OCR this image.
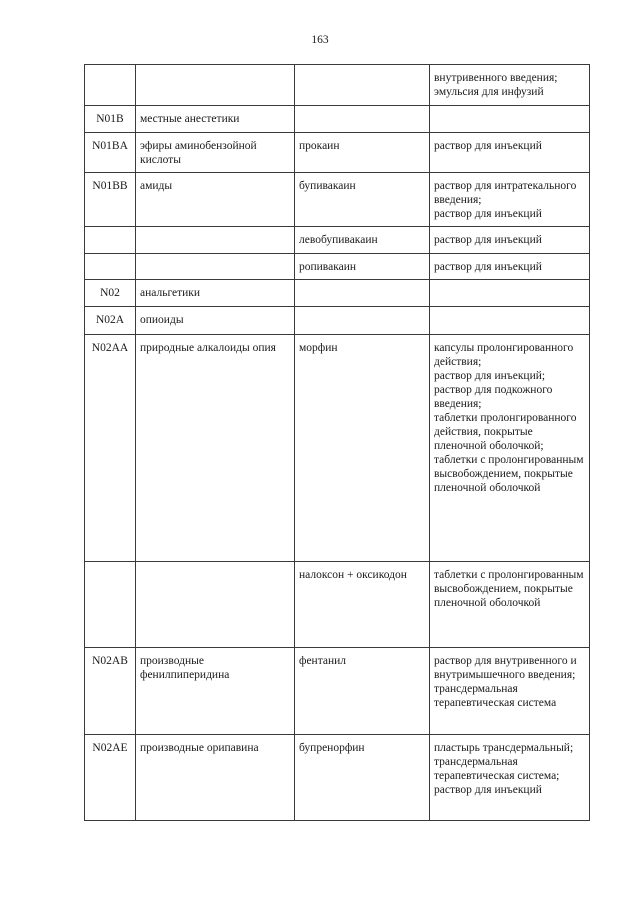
163

			внутривенного введения;
эмульсия для инфузий

N01B	местные анестетики		
N01BA	эфиры аминобензойной кислоты	прокаин	раствор для инъекций

N01BB	амиды	бупивакаин	раствор для интратекального введения;
раствор для инъекций

		левобупивакаин	раствор для инъекций

		ропивакаин	раствор для инъекций

N02	анальгетики		
N02A	опиоиды		
N02AA	природные алкалоиды опия	морфин	капсулы пролонгированного действия;
раствор для инъекций;
раствор для подкожного введения;
таблетки пролонгированного действия, покрытые пленочной оболочкой;
таблетки с пролонгированным высвобождением, покрытые пленочной оболочкой

		налоксон + оксикодон	таблетки с пролонгированным высвобождением, покрытые пленочной оболочкой

N02AB	производные фенилпиперидина	фентанил	раствор для внутривенного и внутримышечного введения;
трансдермальная терапевтическая система

N02AE	производные орипавина	бупренорфин	пластырь трансдермальный;
трансдермальная терапевтическая система;
раствор для инъекций
